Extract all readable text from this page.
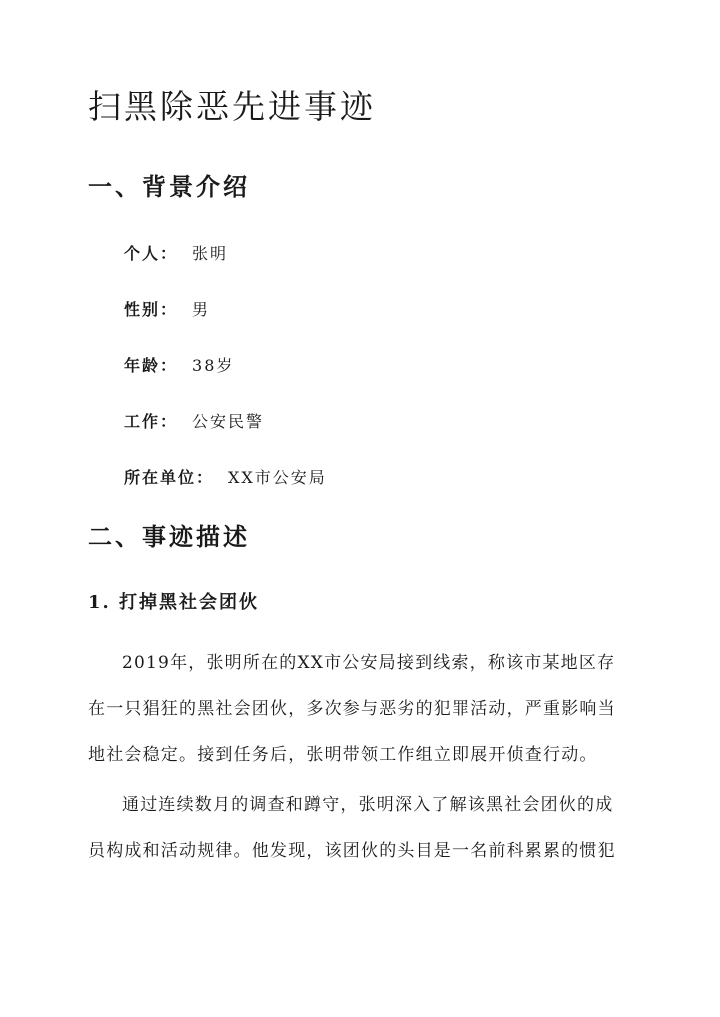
扫黑除恶先进事迹
一、背景介绍
个人： 张明
性别： 男
年龄： 38岁
工作： 公安民警
所在单位： XX市公安局
二、事迹描述
1. 打掉黑社会团伙
2019年，张明所在的XX市公安局接到线索，称该市某地区存
在一只猖狂的黑社会团伙，多次参与恶劣的犯罪活动，严重影响当
地社会稳定。接到任务后，张明带领工作组立即展开侦查行动。
通过连续数月的调查和蹲守，张明深入了解该黑社会团伙的成
员构成和活动规律。他发现，该团伙的头目是一名前科累累的惯犯
